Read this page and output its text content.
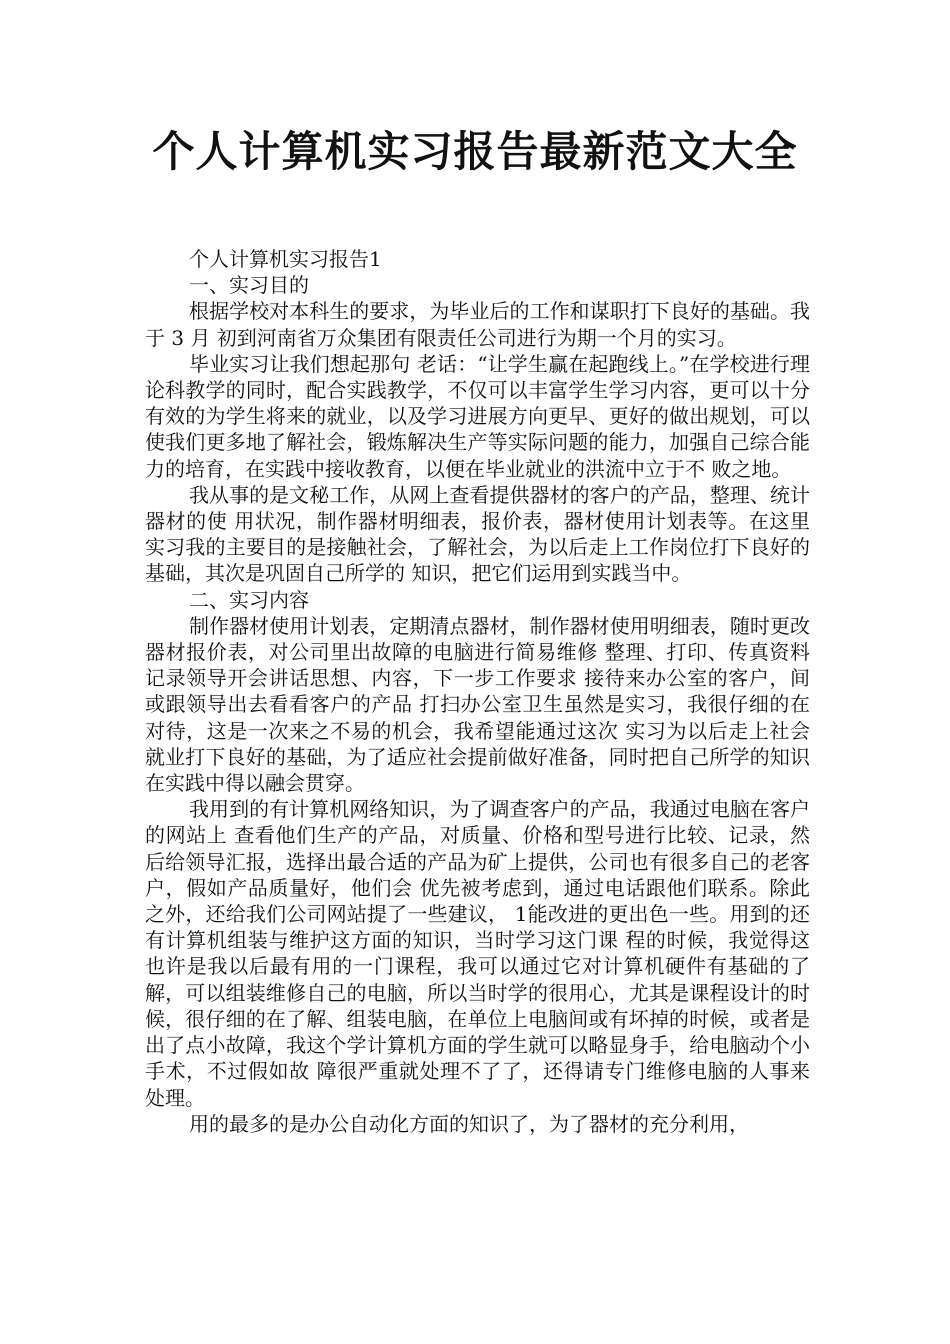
个人计算机实习报告最新范文大全

个人计算机实习报告1

一、实习目的

根据学校对本科生的要求，为毕业后的工作和谋职打下良好的基础。我于 3 月 初到河南省万众集团有限责任公司进行为期一个月的实习。

毕业实习让我们想起那句 老话：“让学生赢在起跑线上。”在学校进行理论科教学的同时，配合实践教学，不仅可以丰富学生学习内容，更可以十分有效的为学生将来的就业，以及学习进展方向更早、更好的做出规划，可以使我们更多地了解社会，锻炼解决生产等实际问题的能力，加强自己综合能力的培育，在实践中接收教育，以便在毕业就业的洪流中立于不 败之地。

我从事的是文秘工作，从网上查看提供器材的客户的产品，整理、统计器材的使 用状况，制作器材明细表，报价表，器材使用计划表等。在这里实习我的主要目的是接触社会，了解社会，为以后走上工作岗位打下良好的基础，其次是巩固自己所学的 知识，把它们运用到实践当中。

二、实习内容

制作器材使用计划表，定期清点器材，制作器材使用明细表，随时更改器材报价表，对公司里出故障的电脑进行简易维修 整理、打印、传真资料记录领导开会讲话思想、内容，下一步工作要求 接待来办公室的客户，间或跟领导出去看看客户的产品 打扫办公室卫生虽然是实习，我很仔细的在对待，这是一次来之不易的机会，我希望能通过这次 实习为以后走上社会就业打下良好的基础，为了适应社会提前做好准备，同时把自己所学的知识在实践中得以融会贯穿。

我用到的有计算机网络知识，为了调查客户的产品，我通过电脑在客户的网站上 查看他们生产的产品，对质量、价格和型号进行比较、记录，然后给领导汇报，选择出最合适的产品为矿上提供，公司也有很多自己的老客户，假如产品质量好，他们会 优先被考虑到，通过电话跟他们联系。除此之外，还给我们公司网站提了一些建议， 1能改进的更出色一些。用到的还有计算机组装与维护这方面的知识，当时学习这门课 程的时候，我觉得这也许是我以后最有用的一门课程，我可以通过它对计算机硬件有基础的了解，可以组装维修自己的电脑，所以当时学的很用心，尤其是课程设计的时 候，很仔细的在了解、组装电脑，在单位上电脑间或有坏掉的时候，或者是出了点小故障，我这个学计算机方面的学生就可以略显身手，给电脑动个小手术，不过假如故 障很严重就处理不了了，还得请专门维修电脑的人事来处理。

用的最多的是办公自动化方面的知识了，为了器材的充分利用，
